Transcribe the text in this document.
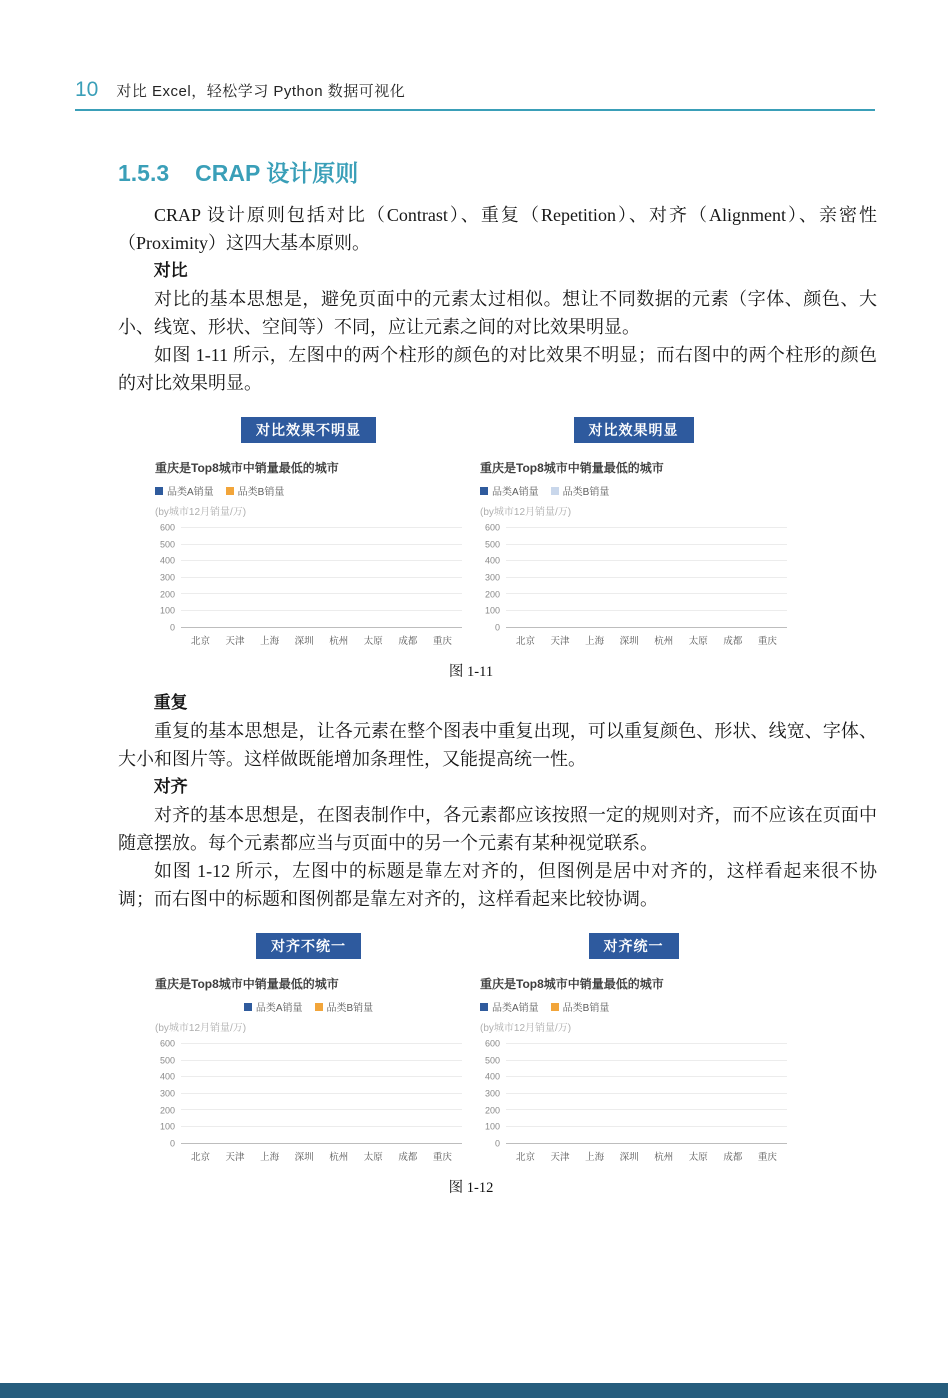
10 对比 Excel，轻松学习 Python 数据可视化
1.5.3 CRAP 设计原则

CRAP 设计原则包括对比（Contrast）、重复（Repetition）、对齐（Alignment）、亲密性（Proximity）这四大基本原则。

对比

对比的基本思想是，避免页面中的元素太过相似。想让不同数据的元素（字体、颜色、大小、线宽、形状、空间等）不同，应让元素之间的对比效果明显。

如图 1-11 所示，左图中的两个柱形的颜色的对比效果不明显；而右图中的两个柱形的颜色的对比效果明显。

对比效果不明显
重庆是Top8城市中销量最低的城市
品类A销量 品类B销量
(by城市12月销量/万)
0
100
200
300
400
500
600
北京	天津	上海	深圳	杭州	太原	成都	重庆
对比效果明显
重庆是Top8城市中销量最低的城市
品类A销量 品类B销量
(by城市12月销量/万)
0
100
200
300
400
500
600
北京	天津	上海	深圳	杭州	太原	成都	重庆
图 1-11

重复

重复的基本思想是，让各元素在整个图表中重复出现，可以重复颜色、形状、线宽、字体、大小和图片等。这样做既能增加条理性，又能提高统一性。

对齐

对齐的基本思想是，在图表制作中，各元素都应该按照一定的规则对齐，而不应该在页面中随意摆放。每个元素都应当与页面中的另一个元素有某种视觉联系。

如图 1-12 所示，左图中的标题是靠左对齐的，但图例是居中对齐的，这样看起来很不协调；而右图中的标题和图例都是靠左对齐的，这样看起来比较协调。

对齐不统一
重庆是Top8城市中销量最低的城市
品类A销量 品类B销量
(by城市12月销量/万)
0
100
200
300
400
500
600
北京	天津	上海	深圳	杭州	太原	成都	重庆
对齐统一
重庆是Top8城市中销量最低的城市
品类A销量 品类B销量
(by城市12月销量/万)
0
100
200
300
400
500
600
北京	天津	上海	深圳	杭州	太原	成都	重庆
图 1-12
